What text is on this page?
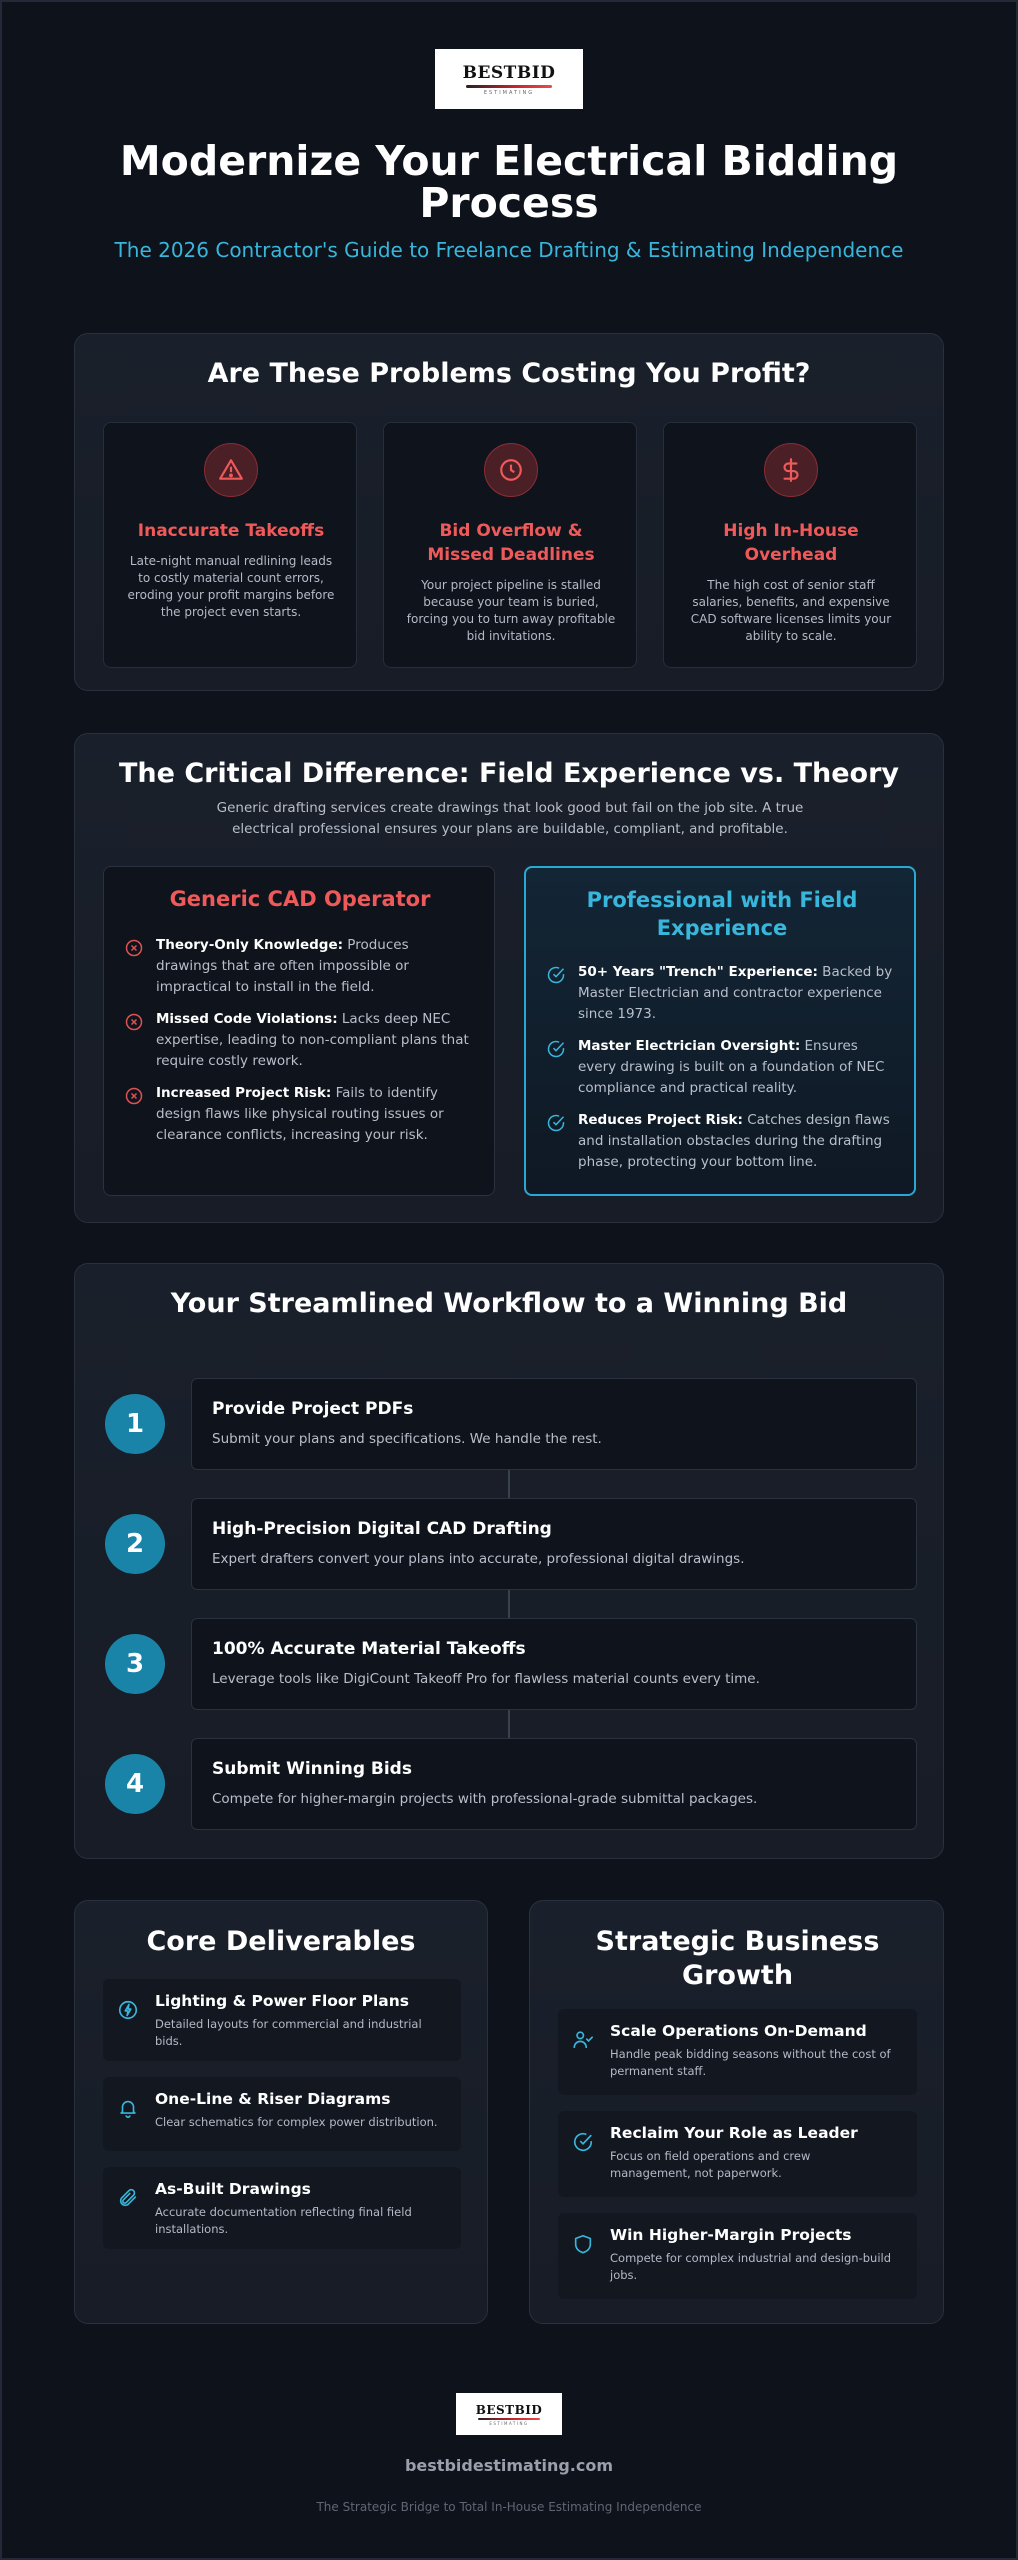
BESTBID
ESTIMATING
Modernize Your Electrical Bidding Process
The 2026 Contractor's Guide to Freelance Drafting & Estimating Independence
Are These Problems Costing You Profit?
Inaccurate Takeoffs
Late-night manual redlining leads to costly material count errors, eroding your profit margins before the project even starts.
Bid Overflow & Missed Deadlines
Your project pipeline is stalled because your team is buried, forcing you to turn away profitable bid invitations.
High In-House Overhead
The high cost of senior staff salaries, benefits, and expensive CAD software licenses limits your ability to scale.
The Critical Difference: Field Experience vs. Theory
Generic drafting services create drawings that look good but fail on the job site. A true electrical professional ensures your plans are buildable, compliant, and profitable.
Generic CAD Operator
Theory-Only Knowledge: Produces drawings that are often impossible or impractical to install in the field.
Missed Code Violations: Lacks deep NEC expertise, leading to non-compliant plans that require costly rework.
Increased Project Risk: Fails to identify design flaws like physical routing issues or clearance conflicts, increasing your risk.
Professional with Field Experience
50+ Years "Trench" Experience: Backed by Master Electrician and contractor experience since 1973.
Master Electrician Oversight: Ensures every drawing is built on a foundation of NEC compliance and practical reality.
Reduces Project Risk: Catches design flaws and installation obstacles during the drafting phase, protecting your bottom line.
Your Streamlined Workflow to a Winning Bid
1	Provide Project PDFs
Submit your plans and specifications. We handle the rest.
2	High-Precision Digital CAD Drafting
Expert drafters convert your plans into accurate, professional digital drawings.
3	100% Accurate Material Takeoffs
Leverage tools like DigiCount Takeoff Pro for flawless material counts every time.
4	Submit Winning Bids
Compete for higher-margin projects with professional-grade submittal packages.
Core Deliverables
Lighting & Power Floor Plans
Detailed layouts for commercial and industrial bids.
One-Line & Riser Diagrams
Clear schematics for complex power distribution.
As-Built Drawings
Accurate documentation reflecting final field installations.
Strategic Business Growth
Scale Operations On-Demand
Handle peak bidding seasons without the cost of permanent staff.
Reclaim Your Role as Leader
Focus on field operations and crew management, not paperwork.
Win Higher-Margin Projects
Compete for complex industrial and design-build jobs.
BESTBID
ESTIMATING
bestbidestimating.com
The Strategic Bridge to Total In-House Estimating Independence
